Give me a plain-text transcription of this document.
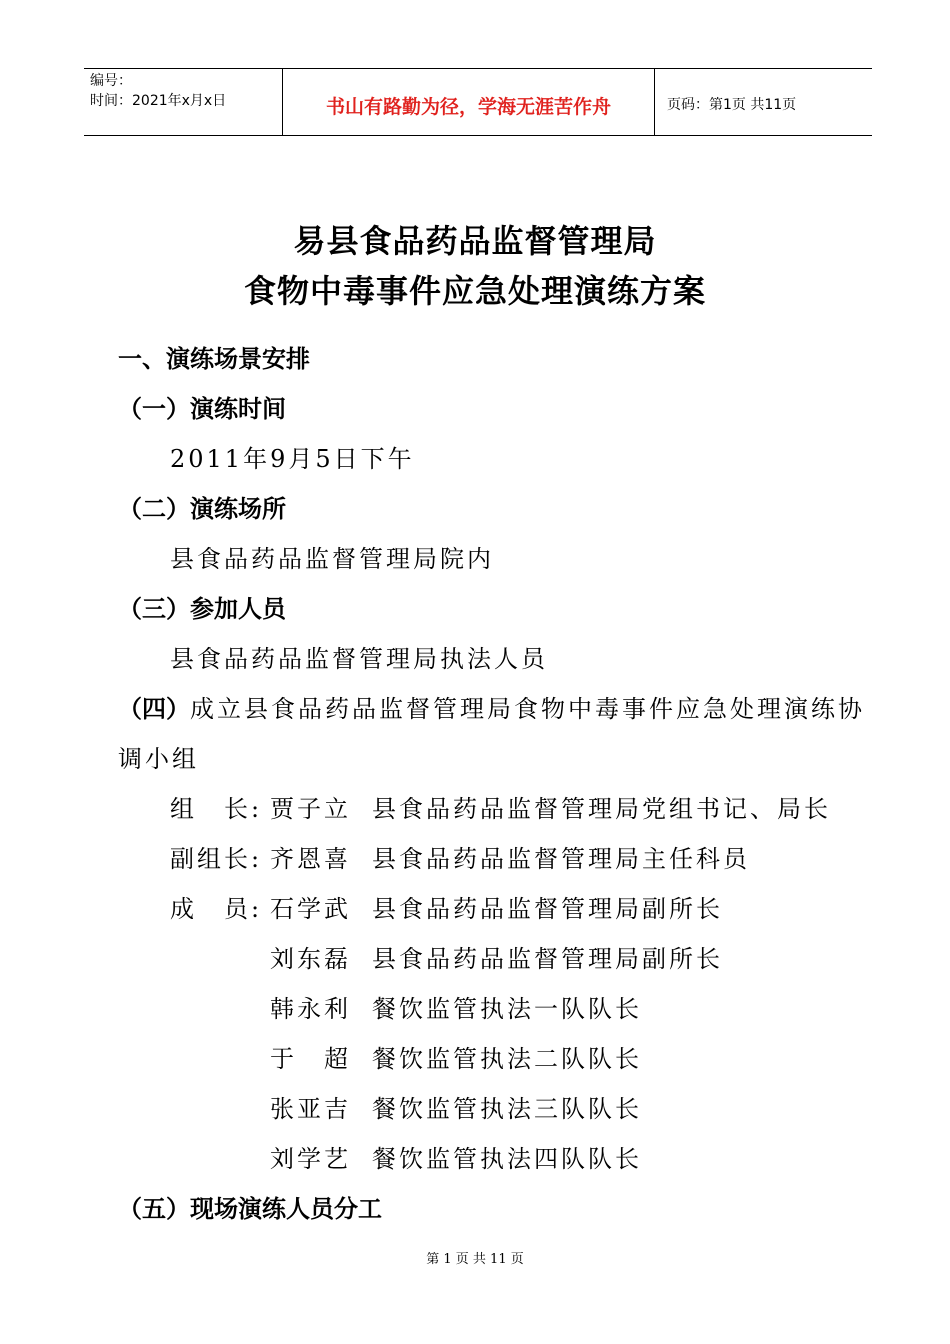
编号：
时间：2021年x月x日	书山有路勤为径，学海无涯苦作舟	页码：第1页 共11页
易县食品药品监督管理局
食物中毒事件应急处理演练方案
一、演练场景安排
（一）演练时间
2011年9月5日下午
（二）演练场所
县食品药品监督管理局院内
（三）参加人员
县食品药品监督管理局执法人员
（四）成立县食品药品监督管理局食物中毒事件应急处理演练协
调小组
组　长: 贾子立 县食品药品监督管理局党组书记、局长
副组长: 齐恩喜 县食品药品监督管理局主任科员
成　员: 石学武 县食品药品监督管理局副所长
刘东磊 县食品药品监督管理局副所长
韩永利 餐饮监管执法一队队长
于　超 餐饮监管执法二队队长
张亚吉 餐饮监管执法三队队长
刘学艺 餐饮监管执法四队队长
（五）现场演练人员分工
第 1 页 共 11 页
